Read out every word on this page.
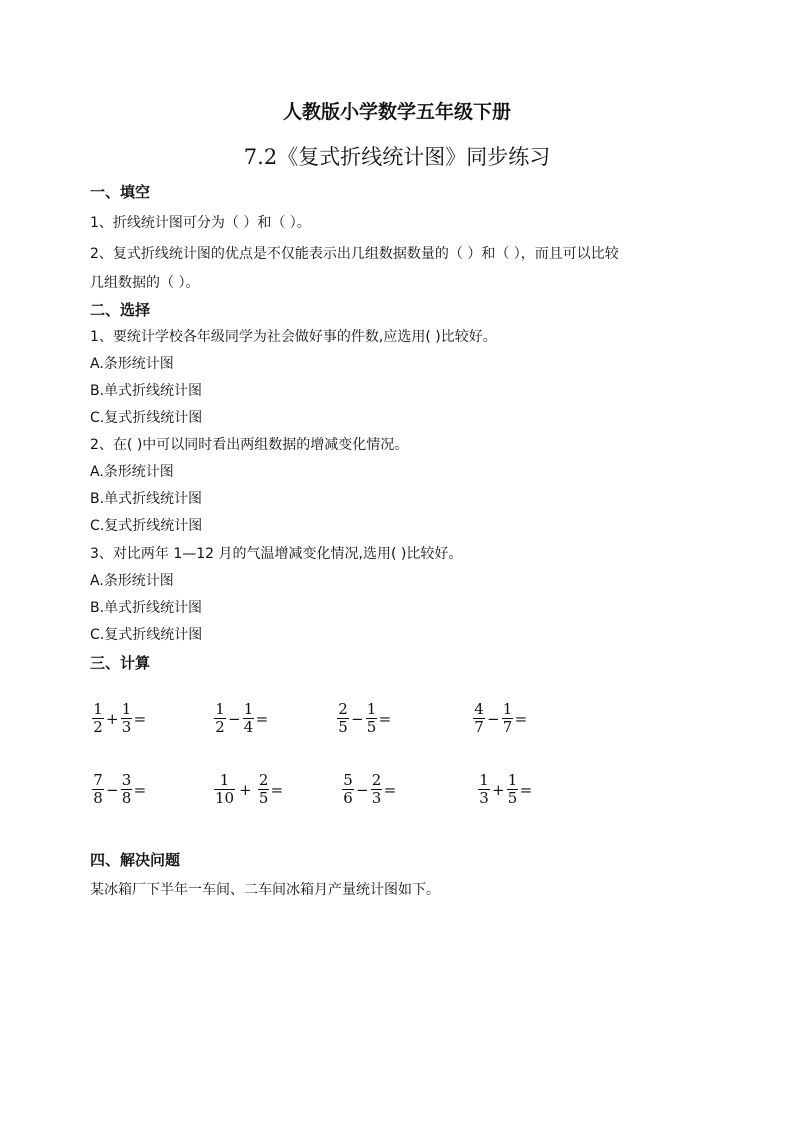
人教版小学数学五年级下册
7.2《复式折线统计图》同步练习
一、填空
1、折线统计图可分为（ ）和（ ）。
2、复式折线统计图的优点是不仅能表示出几组数据数量的（ ）和（ ），而且可以比较
几组数据的（ ）。
二、选择
1、要统计学校各年级同学为社会做好事的件数,应选用( )比较好。
A.条形统计图
B.单式折线统计图
C.复式折线统计图
2、在( )中可以同时看出两组数据的增减变化情况。
A.条形统计图
B.单式折线统计图
C.复式折线统计图
3、对比两年 1—12 月的气温增减变化情况,选用( )比较好。
A.条形统计图
B.单式折线统计图
C.复式折线统计图
三、计算
1
$2 + \frac{1}{3}$ =
1
$2 - \frac{1}{4}$ =
2
$5 - \frac{1}{5}$ =
4
$7 - \frac{1}{7}$ =
7
$8 - \frac{3}{8}$ =
1
$10 + \frac{2}{5}$ =
5
$6 - \frac{2}{3}$ =
1
$3 + \frac{1}{5}$ =
四、解决问题
某冰箱厂下半年一车间、二车间冰箱月产量统计图如下。
